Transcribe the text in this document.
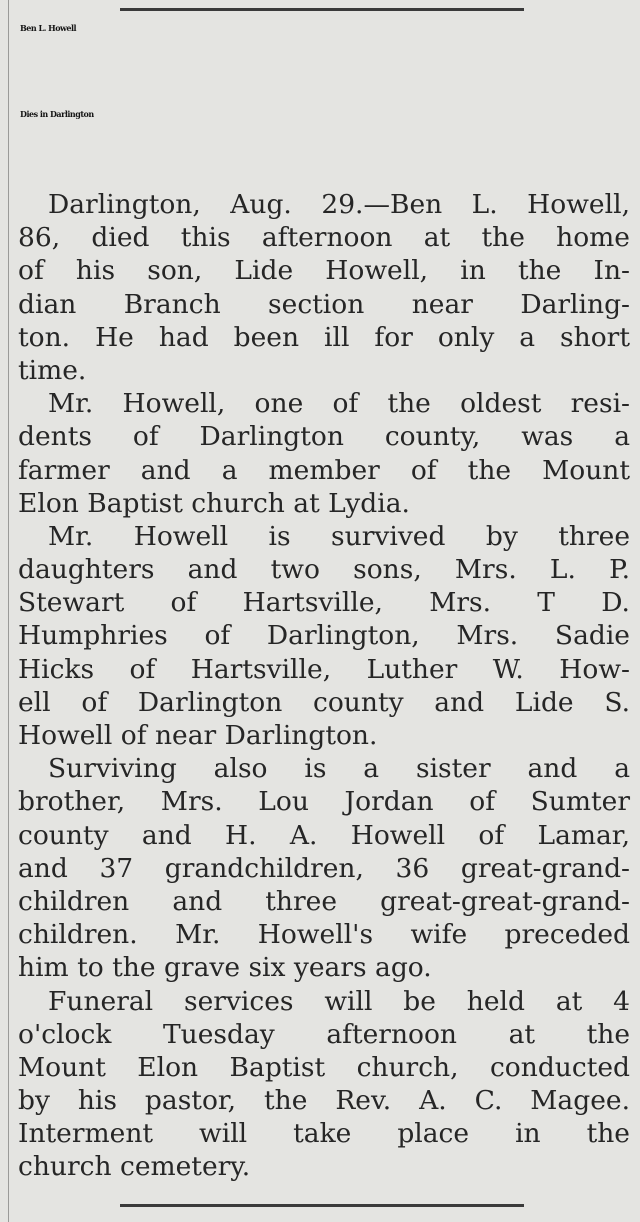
Ben L. Howell
Dies in Darlington
Darlington, Aug. 29.—Ben L. Howell,
86, died this afternoon at the home
of his son, Lide Howell, in the In-
dian Branch section near Darling-
ton. He had been ill for only a short
time.
Mr. Howell, one of the oldest resi-
dents of Darlington county, was a
farmer and a member of the Mount
Elon Baptist church at Lydia.
Mr. Howell is survived by three
daughters and two sons, Mrs. L. P.
Stewart of Hartsville, Mrs. T D.
Humphries of Darlington, Mrs. Sadie
Hicks of Hartsville, Luther W. How-
ell of Darlington county and Lide S.
Howell of near Darlington.
Surviving also is a sister and a
brother, Mrs. Lou Jordan of Sumter
county and H. A. Howell of Lamar,
and 37 grandchildren, 36 great-grand-
children and three great-great-grand-
children. Mr. Howell's wife preceded
him to the grave six years ago.
Funeral services will be held at 4
o'clock Tuesday afternoon at the
Mount Elon Baptist church, conducted
by his pastor, the Rev. A. C. Magee.
Interment will take place in the
church cemetery.
